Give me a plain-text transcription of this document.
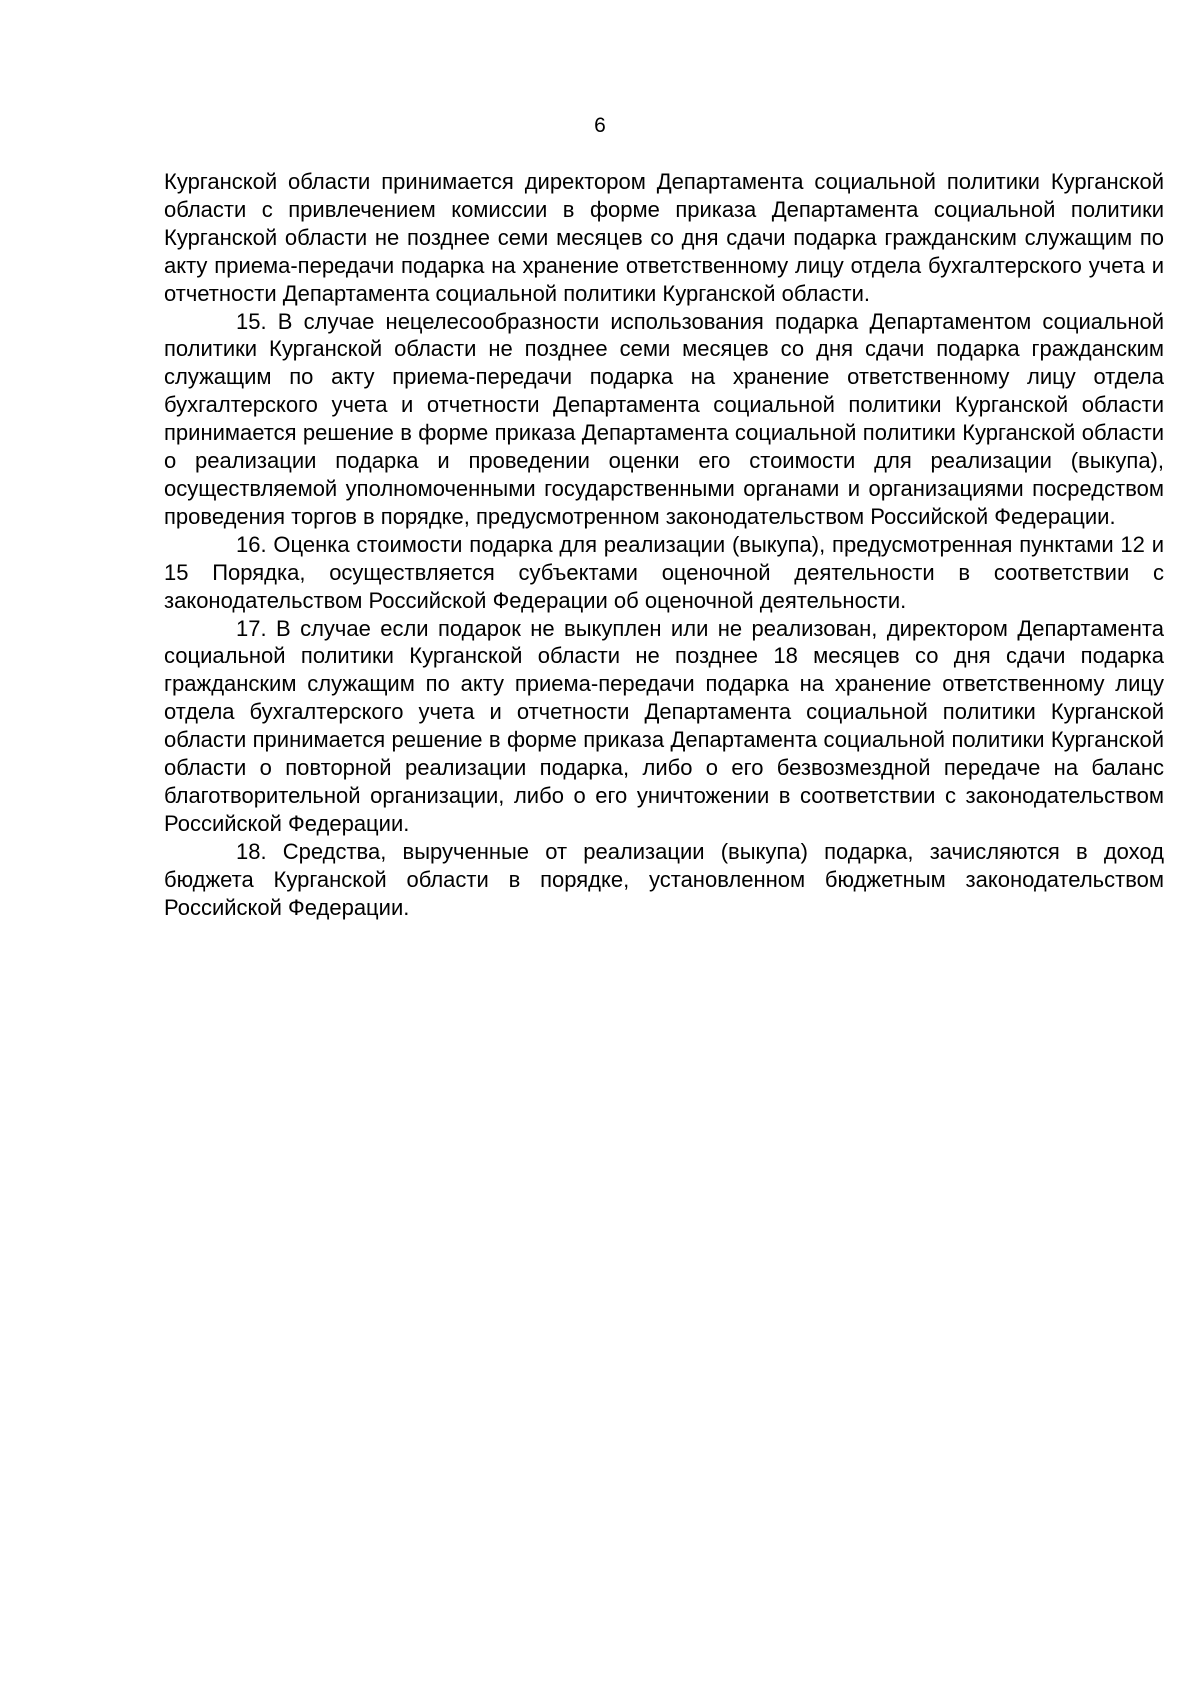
6

Курганской области принимается директором Департамента социальной политики Курганской области с привлечением комиссии в форме приказа Департамента социальной политики Курганской области не позднее семи месяцев со дня сдачи подарка гражданским служащим по акту приема-передачи подарка на хранение ответственному лицу отдела бухгалтерского учета и отчетности Департамента социальной политики Курганской области.

15. В случае нецелесообразности использования подарка Департаментом социальной политики Курганской области не позднее семи месяцев со дня сдачи подарка гражданским служащим по акту приема-передачи подарка на хранение ответственному лицу отдела бухгалтерского учета и отчетности Департамента социальной политики Курганской области принимается решение в форме приказа Департамента социальной политики Курганской области о реализации подарка и проведении оценки его стоимости для реализации (выкупа), осуществляемой уполномоченными государственными органами и организациями посредством проведения торгов в порядке, предусмотренном законодательством Российской Федерации.

16. Оценка стоимости подарка для реализации (выкупа), предусмотренная пунктами 12 и 15 Порядка, осуществляется субъектами оценочной деятельности в соответствии с законодательством Российской Федерации об оценочной деятельности.

17. В случае если подарок не выкуплен или не реализован, директором Департамента социальной политики Курганской области не позднее 18 месяцев со дня сдачи подарка гражданским служащим по акту приема-передачи подарка на хранение ответственному лицу отдела бухгалтерского учета и отчетности Департамента социальной политики Курганской области принимается решение в форме приказа Департамента социальной политики Курганской области о повторной реализации подарка, либо о его безвозмездной передаче на баланс благотворительной организации, либо о его уничтожении в соответствии с законодательством Российской Федерации.

18. Средства, вырученные от реализации (выкупа) подарка, зачисляются в доход бюджета Курганской области в порядке, установленном бюджетным законодательством Российской Федерации.
